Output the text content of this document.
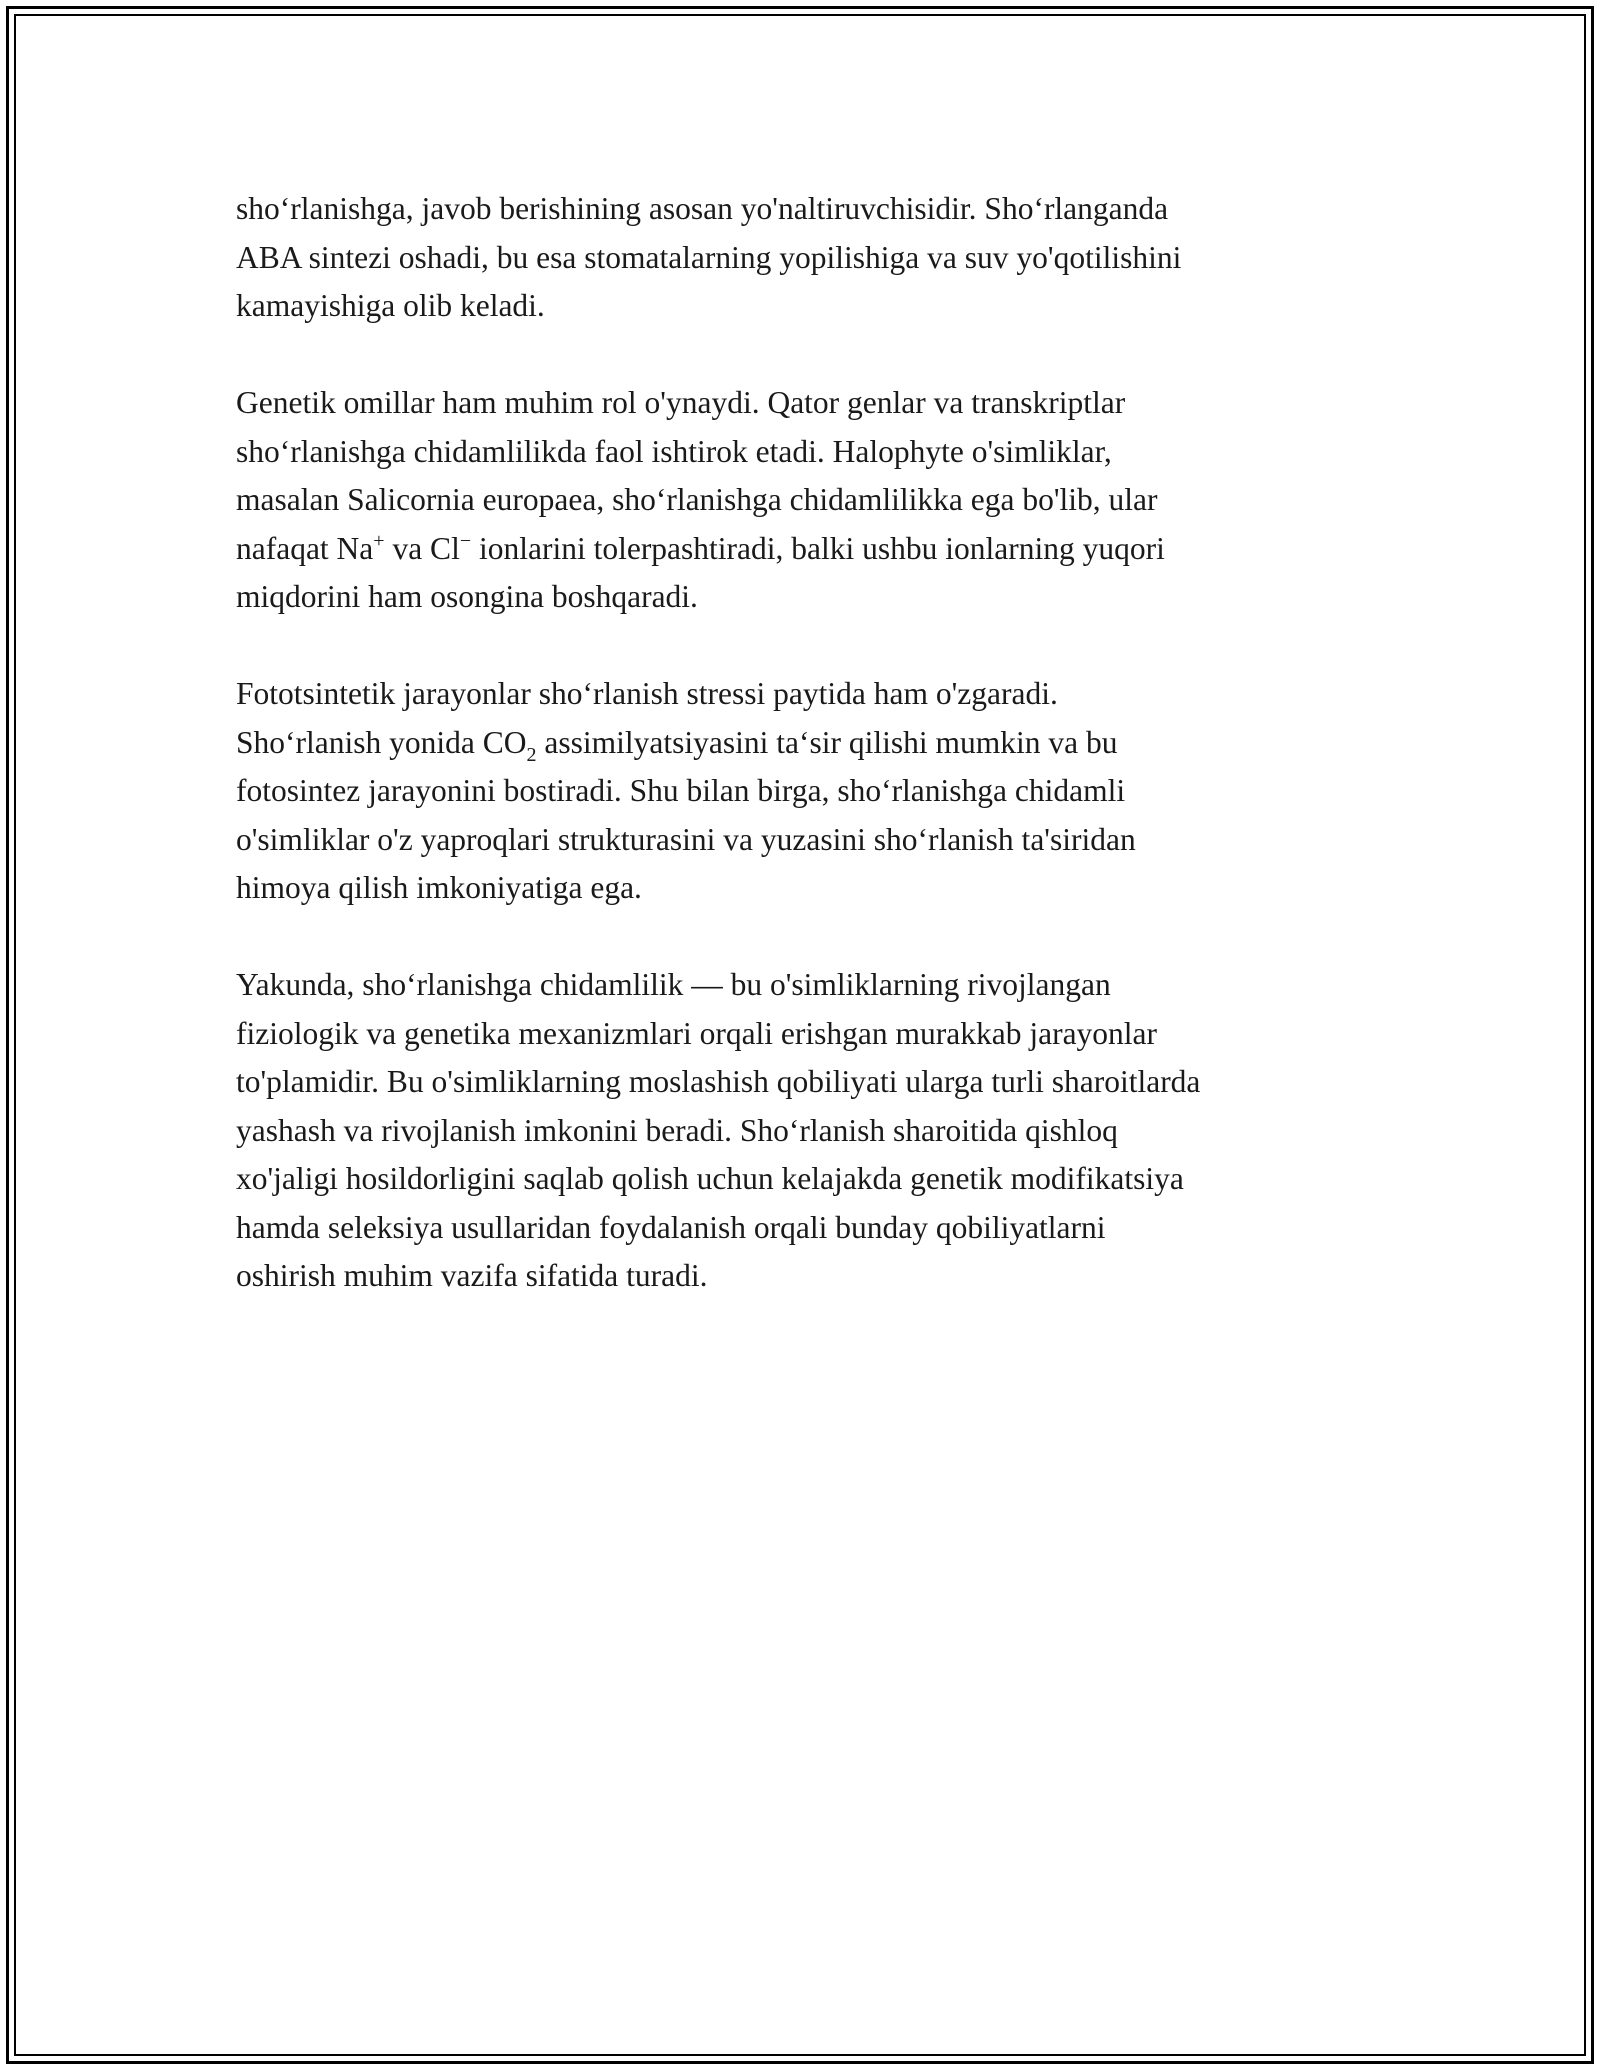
sho‘rlanishga, javob berishining asosan yo'naltiruvchisidir. Sho‘rlanganda
ABA sintezi oshadi, bu esa stomatalarning yopilishiga va suv yo'qotilishini
kamayishiga olib keladi.

Genetik omillar ham muhim rol o'ynaydi. Qator genlar va transkriptlar
sho‘rlanishga chidamlilikda faol ishtirok etadi. Halophyte o'simliklar,
masalan Salicornia europaea, sho‘rlanishga chidamlilikka ega bo'lib, ular
nafaqat Na+ va Cl− ionlarini tolerpashtiradi, balki ushbu ionlarning yuqori
miqdorini ham osongina boshqaradi.

Fototsintetik jarayonlar sho‘rlanish stressi paytida ham o'zgaradi.
Sho‘rlanish yonida $CO_2$ assimilyatsiyasini ta‘sir qilishi mumkin va bu
fotosintez jarayonini bostiradi. Shu bilan birga, sho‘rlanishga chidamli
o'simliklar o'z yaproqlari strukturasini va yuzasini sho‘rlanish ta'siridan
himoya qilish imkoniyatiga ega.

Yakunda, sho‘rlanishga chidamlilik — bu o'simliklarning rivojlangan
fiziologik va genetika mexanizmlari orqali erishgan murakkab jarayonlar
to'plamidir. Bu o'simliklarning moslashish qobiliyati ularga turli sharoitlarda
yashash va rivojlanish imkonini beradi. Sho‘rlanish sharoitida qishloq
xo'jaligi hosildorligini saqlab qolish uchun kelajakda genetik modifikatsiya
hamda seleksiya usullaridan foydalanish orqali bunday qobiliyatlarni
oshirish muhim vazifa sifatida turadi.
